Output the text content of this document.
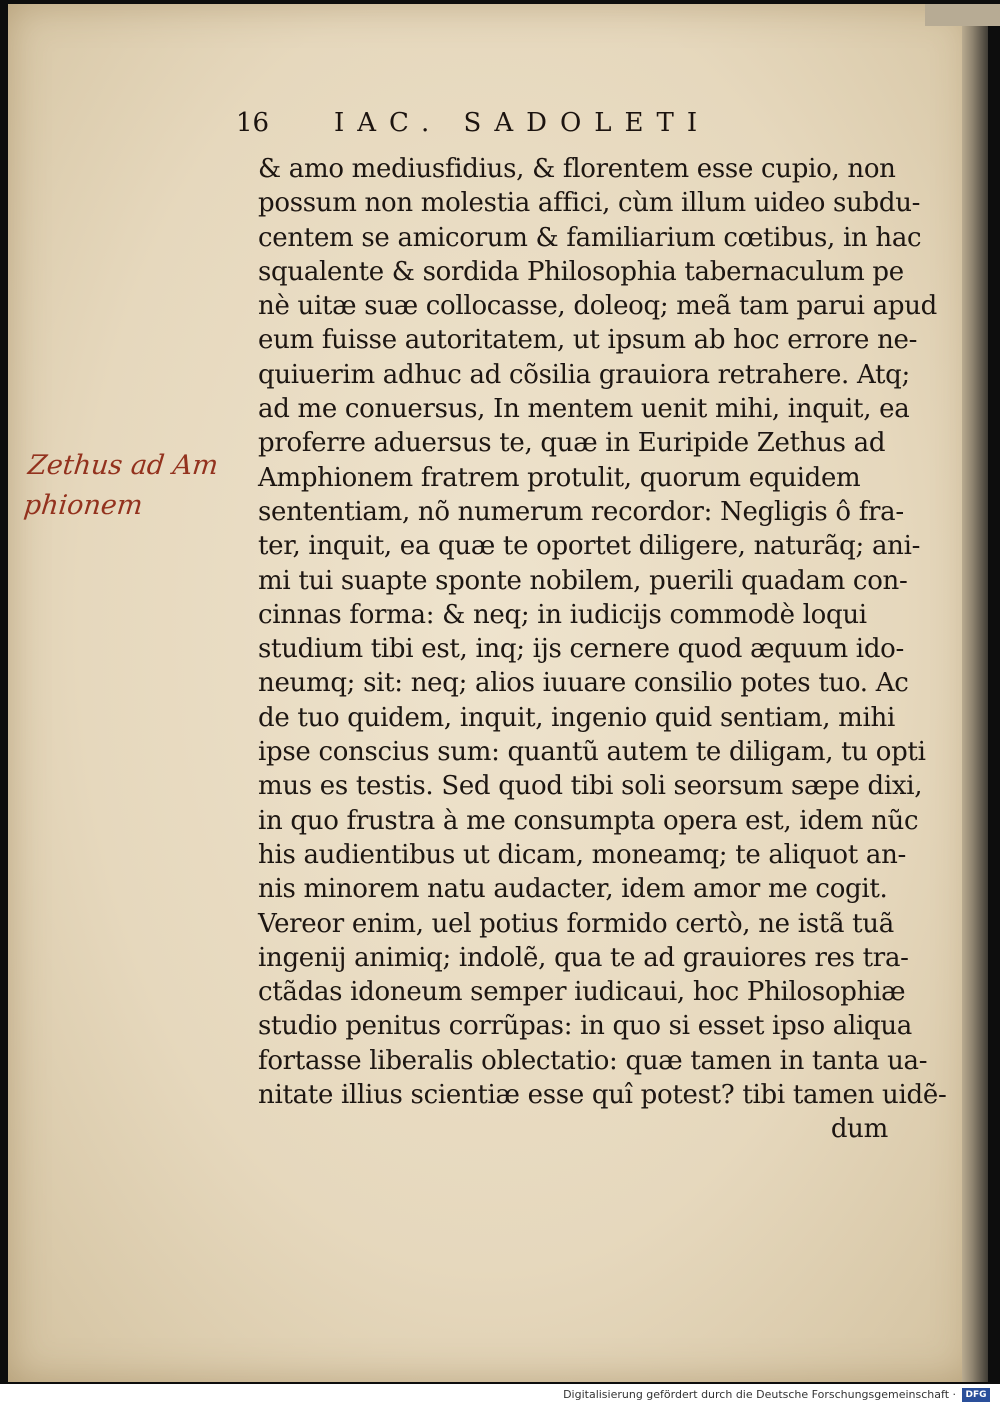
16 IAC. SADOLETI
Zethus ad Am
phionem
& amo mediusfidius, & florentem esse cupio, non
possum non molestia affici, cùm illum uideo subdu-
centem se amicorum & familiarium cœtibus, in hac
squalente & sordida Philosophia tabernaculum pe
nè uitæ suæ collocasse, doleoq; meã tam parui apud
eum fuisse autoritatem, ut ipsum ab hoc errore ne-
quiuerim adhuc ad cõsilia grauiora retrahere. Atq;
ad me conuersus, In mentem uenit mihi, inquit, ea
proferre aduersus te, quæ in Euripide Zethus ad
Amphionem fratrem protulit, quorum equidem
sententiam, nõ numerum recordor: Negligis ô fra-
ter, inquit, ea quæ te oportet diligere, naturãq; ani-
mi tui suapte sponte nobilem, puerili quadam con-
cinnas forma: & neq; in iudicijs commodè loqui
studium tibi est, inq; ijs cernere quod æquum ido-
neumq; sit: neq; alios iuuare consilio potes tuo. Ac
de tuo quidem, inquit, ingenio quid sentiam, mihi
ipse conscius sum: quantũ autem te diligam, tu opti
mus es testis. Sed quod tibi soli seorsum sæpe dixi,
in quo frustra à me consumpta opera est, idem nũc
his audientibus ut dicam, moneamq; te aliquot an-
nis minorem natu audacter, idem amor me cogit.
Vereor enim, uel potius formido certò, ne istã tuã
ingenij animiq; indolẽ, qua te ad grauiores res tra-
ctãdas idoneum semper iudicaui, hoc Philosophiæ
studio penitus corrũpas: in quo si esset ipso aliqua
fortasse liberalis oblectatio: quæ tamen in tanta ua-
nitate illius scientiæ esse quî potest? tibi tamen uidẽ-
dum
Digitalisierung gefördert durch die Deutsche Forschungsgemeinschaft ·	DFG
